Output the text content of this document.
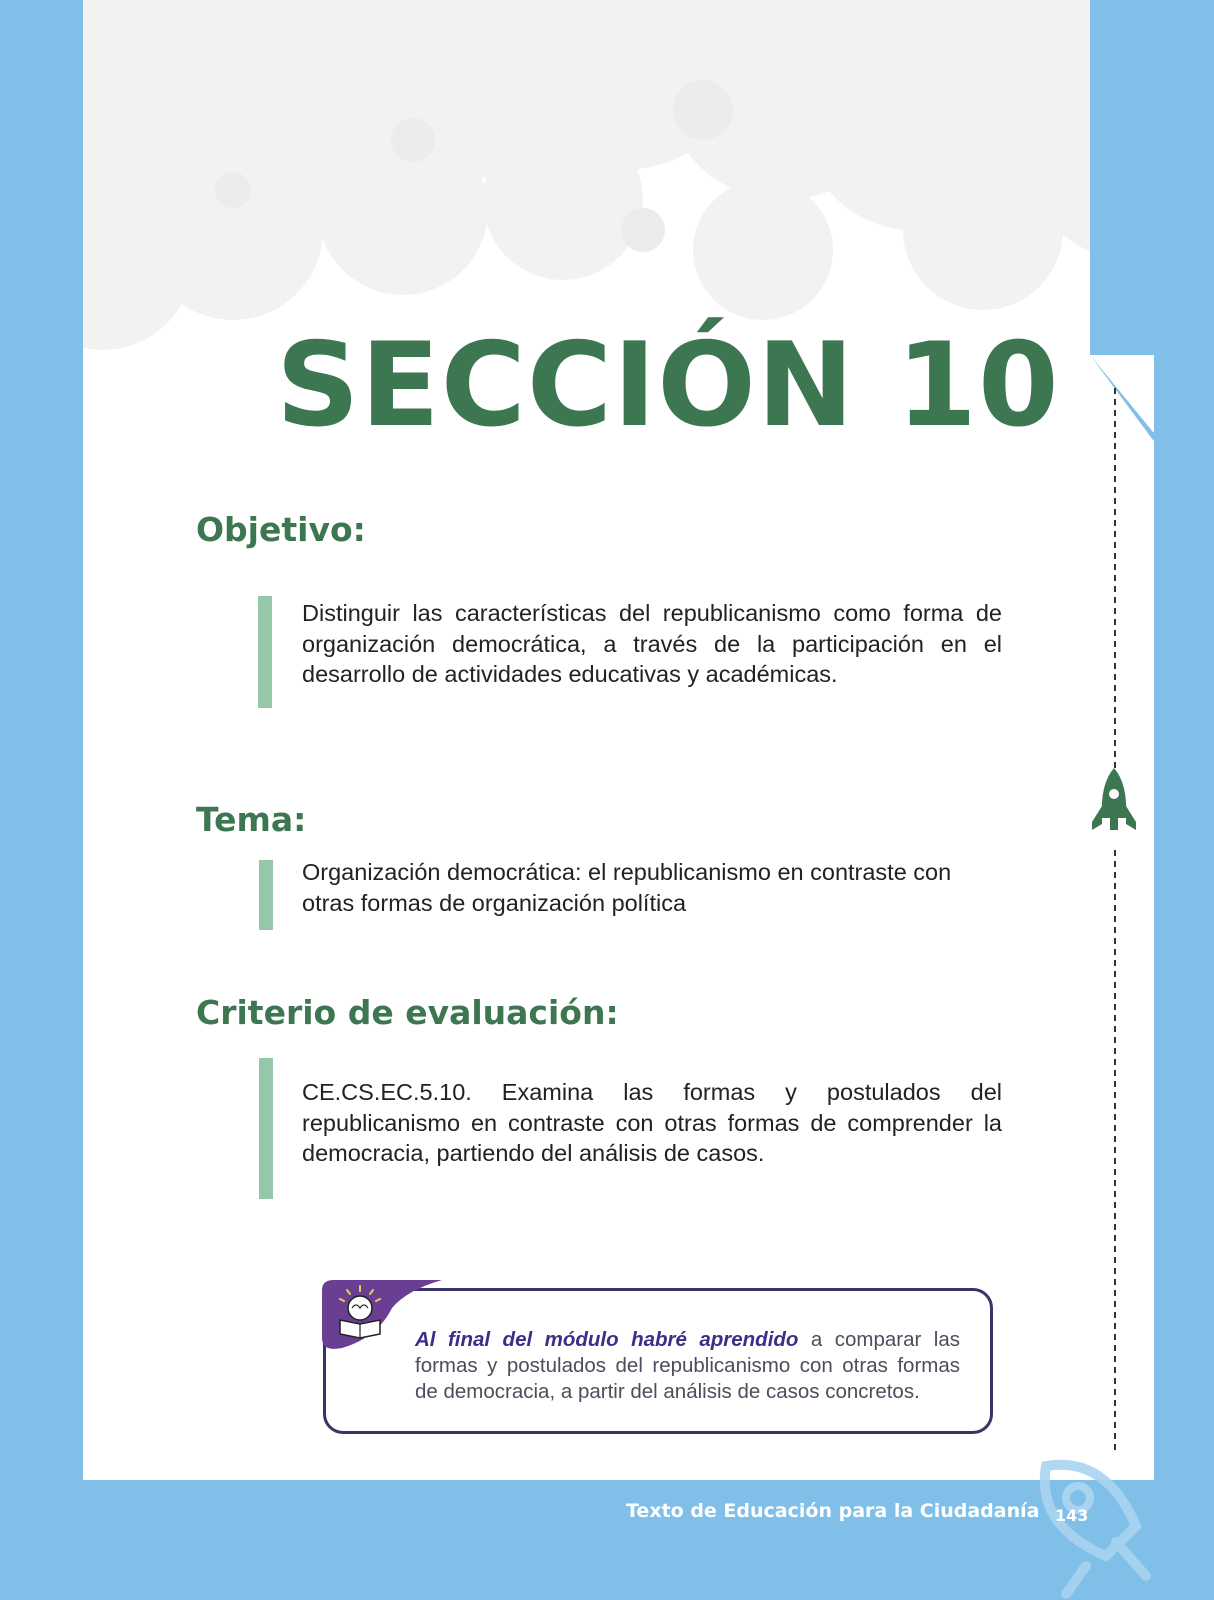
SECCIÓN 10
Objetivo:

Distinguir las características del republicanismo como forma de organización democrática, a través de la participación en el desarrollo de actividades educativas y académicas.

Tema:

Organización democrática: el republicanismo en contraste con otras formas de organización política

Criterio de evaluación:

CE.CS.EC.5.10. Examina las formas y postulados del republicanismo en contraste con otras formas de comprender la democracia, partiendo del análisis de casos.

Al final del módulo habré aprendido a comparar las formas y postulados del republicanismo con otras formas de democracia, a partir del análisis de casos concretos.

Texto de Educación para la Ciudadanía 143
